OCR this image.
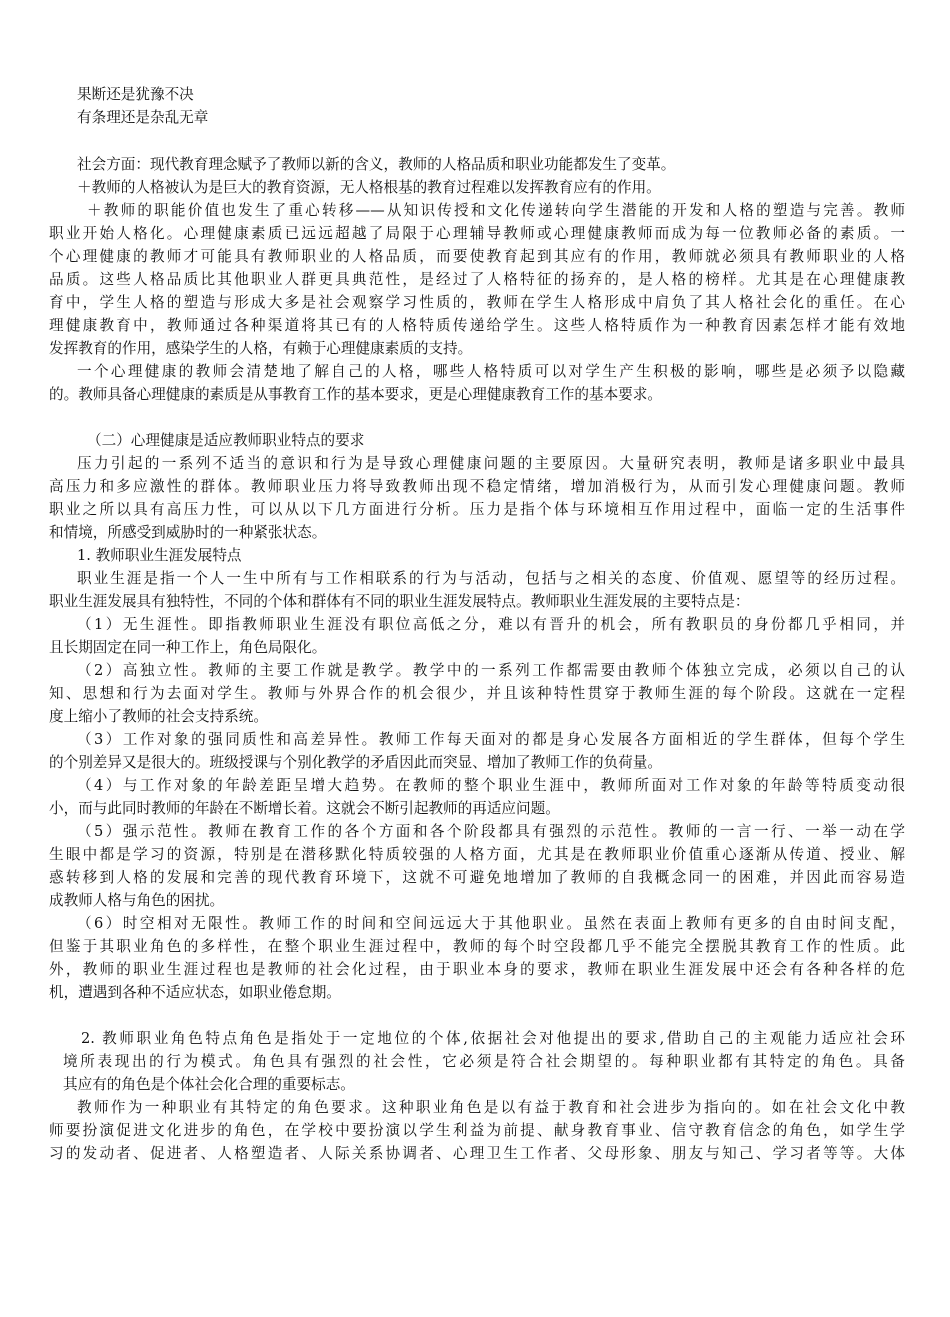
果断还是犹豫不决
有条理还是杂乱无章
社会方面：现代教育理念赋予了教师以新的含义，教师的人格品质和职业功能都发生了变革。
＋教师的人格被认为是巨大的教育资源，无人格根基的教育过程难以发挥教育应有的作用。
＋教师的职能价值也发生了重心转移——从知识传授和文化传递转向学生潜能的开发和人格的塑造与完善。教师
职业开始人格化。心理健康素质已远远超越了局限于心理辅导教师或心理健康教师而成为每一位教师必备的素质。一
个心理健康的教师才可能具有教师职业的人格品质，而要使教育起到其应有的作用，教师就必须具有教师职业的人格
品质。这些人格品质比其他职业人群更具典范性，是经过了人格特征的扬弃的，是人格的榜样。尤其是在心理健康教
育中，学生人格的塑造与形成大多是社会观察学习性质的，教师在学生人格形成中肩负了其人格社会化的重任。在心
理健康教育中，教师通过各种渠道将其已有的人格特质传递给学生。这些人格特质作为一种教育因素怎样才能有效地
发挥教育的作用，感染学生的人格，有赖于心理健康素质的支持。
一个心理健康的教师会清楚地了解自己的人格，哪些人格特质可以对学生产生积极的影响，哪些是必须予以隐藏
的。教师具备心理健康的素质是从事教育工作的基本要求，更是心理健康教育工作的基本要求。
（二）心理健康是适应教师职业特点的要求
压力引起的一系列不适当的意识和行为是导致心理健康问题的主要原因。大量研究表明，教师是诸多职业中最具
高压力和多应激性的群体。教师职业压力将导致教师出现不稳定情绪，增加消极行为，从而引发心理健康问题。教师
职业之所以具有高压力性，可以从以下几方面进行分析。压力是指个体与环境相互作用过程中，面临一定的生活事件
和情境，所感受到威胁时的一种紧张状态。
1. 教师职业生涯发展特点
职业生涯是指一个人一生中所有与工作相联系的行为与活动，包括与之相关的态度、价值观、愿望等的经历过程。
职业生涯发展具有独特性，不同的个体和群体有不同的职业生涯发展特点。教师职业生涯发展的主要特点是：
（1）无生涯性。即指教师职业生涯没有职位高低之分，难以有晋升的机会，所有教职员的身份都几乎相同，并
且长期固定在同一种工作上，角色局限化。
（2）高独立性。教师的主要工作就是教学。教学中的一系列工作都需要由教师个体独立完成，必须以自己的认
知、思想和行为去面对学生。教师与外界合作的机会很少，并且该种特性贯穿于教师生涯的每个阶段。这就在一定程
度上缩小了教师的社会支持系统。
（3）工作对象的强同质性和高差异性。教师工作每天面对的都是身心发展各方面相近的学生群体，但每个学生
的个别差异又是很大的。班级授课与个别化教学的矛盾因此而突显、增加了教师工作的负荷量。
（4）与工作对象的年龄差距呈增大趋势。在教师的整个职业生涯中，教师所面对工作对象的年龄等特质变动很
小，而与此同时教师的年龄在不断增长着。这就会不断引起教师的再适应问题。
（5）强示范性。教师在教育工作的各个方面和各个阶段都具有强烈的示范性。教师的一言一行、一举一动在学
生眼中都是学习的资源，特别是在潜移默化特质较强的人格方面，尤其是在教师职业价值重心逐渐从传道、授业、解
惑转移到人格的发展和完善的现代教育环境下，这就不可避免地增加了教师的自我概念同一的困难，并因此而容易造
成教师人格与角色的困扰。
（6）时空相对无限性。教师工作的时间和空间远远大于其他职业。虽然在表面上教师有更多的自由时间支配，
但鉴于其职业角色的多样性，在整个职业生涯过程中，教师的每个时空段都几乎不能完全摆脱其教育工作的性质。此
外，教师的职业生涯过程也是教师的社会化过程，由于职业本身的要求，教师在职业生涯发展中还会有各种各样的危
机，遭遇到各种不适应状态，如职业倦怠期。
2. 教师职业角色特点角色是指处于一定地位的个体,依据社会对他提出的要求,借助自己的主观能力适应社会环
境所表现出的行为模式。角色具有强烈的社会性，它必须是符合社会期望的。每种职业都有其特定的角色。具备
其应有的角色是个体社会化合理的重要标志。
教师作为一种职业有其特定的角色要求。这种职业角色是以有益于教育和社会进步为指向的。如在社会文化中教
师要扮演促进文化进步的角色，在学校中要扮演以学生利益为前提、献身教育事业、信守教育信念的角色，如学生学
习的发动者、促进者、人格塑造者、人际关系协调者、心理卫生工作者、父母形象、朋友与知己、学习者等等。大体
